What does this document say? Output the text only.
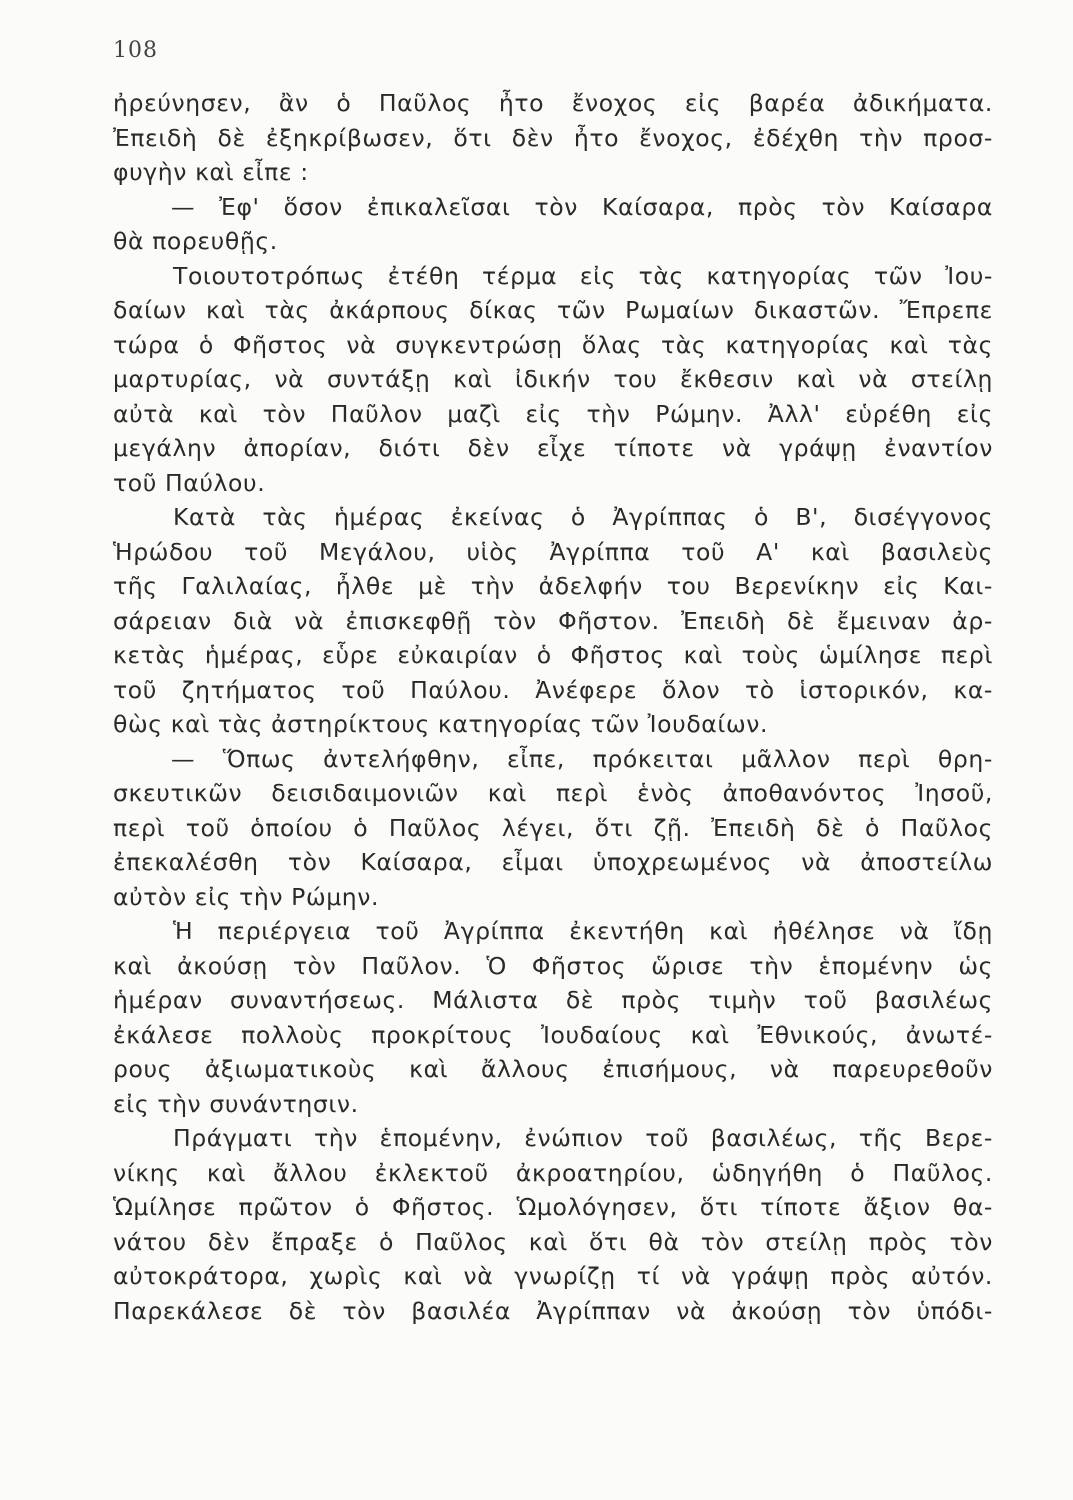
108
ἠρεύνησεν, ἂν ὁ Παῦλος ἦτο ἔνοχος εἰς βαρέα ἀδικήματα.
Ἐπειδὴ δὲ ἐξηκρίβωσεν, ὅτι δὲν ἦτο ἔνοχος, ἐδέχθη τὴν προσ-
φυγὴν καὶ εἶπε :
— Ἐφ' ὅσον ἐπικαλεῖσαι τὸν Καίσαρα, πρὸς τὸν Καίσαρα
θὰ πορευθῇς.
Τοιουτοτρόπως ἐτέθη τέρμα εἰς τὰς κατηγορίας τῶν Ἰου-
δαίων καὶ τὰς ἀκάρπους δίκας τῶν Ρωμαίων δικαστῶν. Ἔπρεπε
τώρα ὁ Φῆστος νὰ συγκεντρώσῃ ὅλας τὰς κατηγορίας καὶ τὰς
μαρτυρίας, νὰ συντάξῃ καὶ ἰδικήν του ἔκθεσιν καὶ νὰ στείλῃ
αὐτὰ καὶ τὸν Παῦλον μαζὶ εἰς τὴν Ρώμην. Ἀλλ' εὑρέθη εἰς
μεγάλην ἀπορίαν, διότι δὲν εἶχε τίποτε νὰ γράψῃ ἐναντίον
τοῦ Παύλου.
Κατὰ τὰς ἡμέρας ἐκείνας ὁ Ἀγρίππας ὁ Β', δισέγγονος
Ἡρώδου τοῦ Μεγάλου, υἱὸς Ἀγρίππα τοῦ Α' καὶ βασιλεὺς
τῆς Γαλιλαίας, ἦλθε μὲ τὴν ἀδελφήν του Βερενίκην εἰς Και-
σάρειαν διὰ νὰ ἐπισκεφθῇ τὸν Φῆστον. Ἐπειδὴ δὲ ἔμειναν ἀρ-
κετὰς ἡμέρας, εὗρε εὐκαιρίαν ὁ Φῆστος καὶ τοὺς ὡμίλησε περὶ
τοῦ ζητήματος τοῦ Παύλου. Ἀνέφερε ὅλον τὸ ἱστορικόν, κα-
θὼς καὶ τὰς ἀστηρίκτους κατηγορίας τῶν Ἰουδαίων.
— Ὅπως ἀντελήφθην, εἶπε, πρόκειται μᾶλλον περὶ θρη-
σκευτικῶν δεισιδαιμονιῶν καὶ περὶ ἑνὸς ἀποθανόντος Ἰησοῦ,
περὶ τοῦ ὁποίου ὁ Παῦλος λέγει, ὅτι ζῇ. Ἐπειδὴ δὲ ὁ Παῦλος
ἐπεκαλέσθη τὸν Καίσαρα, εἶμαι ὑποχρεωμένος νὰ ἀποστείλω
αὐτὸν εἰς τὴν Ρώμην.
Ἡ περιέργεια τοῦ Ἀγρίππα ἐκεντήθη καὶ ἠθέλησε νὰ ἴδῃ
καὶ ἀκούσῃ τὸν Παῦλον. Ὁ Φῆστος ὥρισε τὴν ἑπομένην ὡς
ἡμέραν συναντήσεως. Μάλιστα δὲ πρὸς τιμὴν τοῦ βασιλέως
ἐκάλεσε πολλοὺς προκρίτους Ἰουδαίους καὶ Ἐθνικούς, ἀνωτέ-
ρους ἀξιωματικοὺς καὶ ἄλλους ἐπισήμους, νὰ παρευρεθοῦν
εἰς τὴν συνάντησιν.
Πράγματι τὴν ἑπομένην, ἐνώπιον τοῦ βασιλέως, τῆς Βερε-
νίκης καὶ ἄλλου ἐκλεκτοῦ ἀκροατηρίου, ὡδηγήθη ὁ Παῦλος.
Ὡμίλησε πρῶτον ὁ Φῆστος. Ὡμολόγησεν, ὅτι τίποτε ἄξιον θα-
νάτου δὲν ἔπραξε ὁ Παῦλος καὶ ὅτι θὰ τὸν στείλῃ πρὸς τὸν
αὐτοκράτορα, χωρὶς καὶ νὰ γνωρίζῃ τί νὰ γράψῃ πρὸς αὐτόν.
Παρεκάλεσε δὲ τὸν βασιλέα Ἀγρίππαν νὰ ἀκούσῃ τὸν ὑπόδι-
